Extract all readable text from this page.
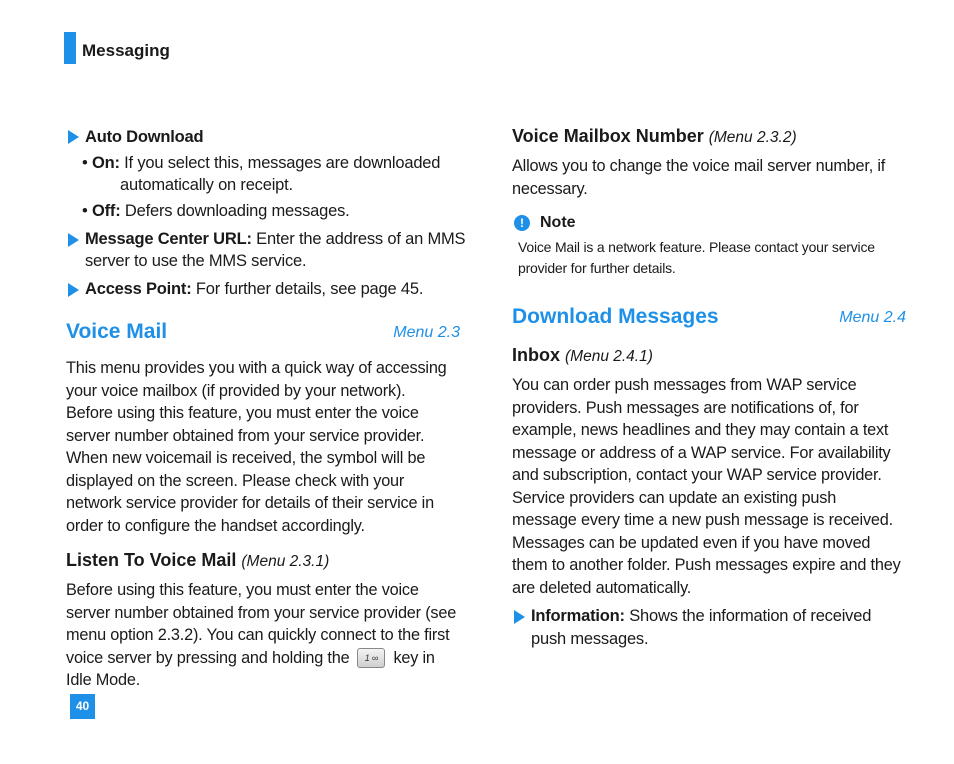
Messaging
Auto Download
• On: If you select this, messages are downloaded
automatically on receipt.
• Off: Defers downloading messages.
Message Center URL: Enter the address of an MMS
server to use the MMS service.
Access Point: For further details, see page 45.
Voice Mail	Menu 2.3
This menu provides you with a quick way of accessing
your voice mailbox (if provided by your network).
Before using this feature, you must enter the voice
server number obtained from your service provider.
When new voicemail is received, the symbol will be
displayed on the screen. Please check with your
network service provider for details of their service in
order to configure the handset accordingly.
Listen To Voice Mail (Menu 2.3.1)
Before using this feature, you must enter the voice
server number obtained from your service provider (see
menu option 2.3.2). You can quickly connect to the first
voice server by pressing and holding the 1 ∞ key in
Idle Mode.
Voice Mailbox Number (Menu 2.3.2)
Allows you to change the voice mail server number, if
necessary.
!	Note
Voice Mail is a network feature. Please contact your service
provider for further details.
Download Messages	Menu 2.4
Inbox (Menu 2.4.1)
You can order push messages from WAP service
providers. Push messages are notifications of, for
example, news headlines and they may contain a text
message or address of a WAP service. For availability
and subscription, contact your WAP service provider.
Service providers can update an existing push
message every time a new push message is received.
Messages can be updated even if you have moved
them to another folder. Push messages expire and they
are deleted automatically.
Information: Shows the information of received
push messages.
40
